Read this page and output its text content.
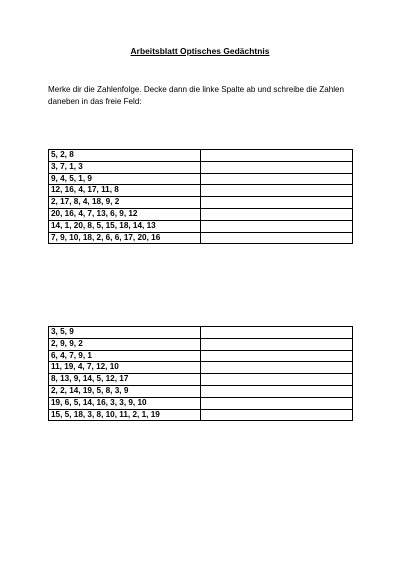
Arbeitsblatt Optisches Gedächtnis
Merke dir die Zahlenfolge. Decke dann die linke Spalte ab und schreibe die Zahlen daneben in das freie Feld:
5, 2, 8	
3, 7, 1, 3	
9, 4, 5, 1, 9	
12, 16, 4, 17, 11, 8	
2, 17, 8, 4, 18, 9, 2	
20, 16, 4, 7, 13, 6, 9, 12	
14, 1, 20, 8, 5, 15, 18, 14, 13	
7, 9, 10, 18, 2, 6, 6, 17, 20, 16	
3, 5, 9	
2, 9, 9, 2	
6, 4, 7, 9, 1	
11, 19, 4, 7, 12, 10	
8, 13, 9, 14, 5, 12, 17	
2, 2, 14, 19, 5, 8, 3, 9	
19, 6, 5, 14, 16, 3, 3, 9, 10	
15, 5, 18, 3, 8, 10, 11, 2, 1, 19	
